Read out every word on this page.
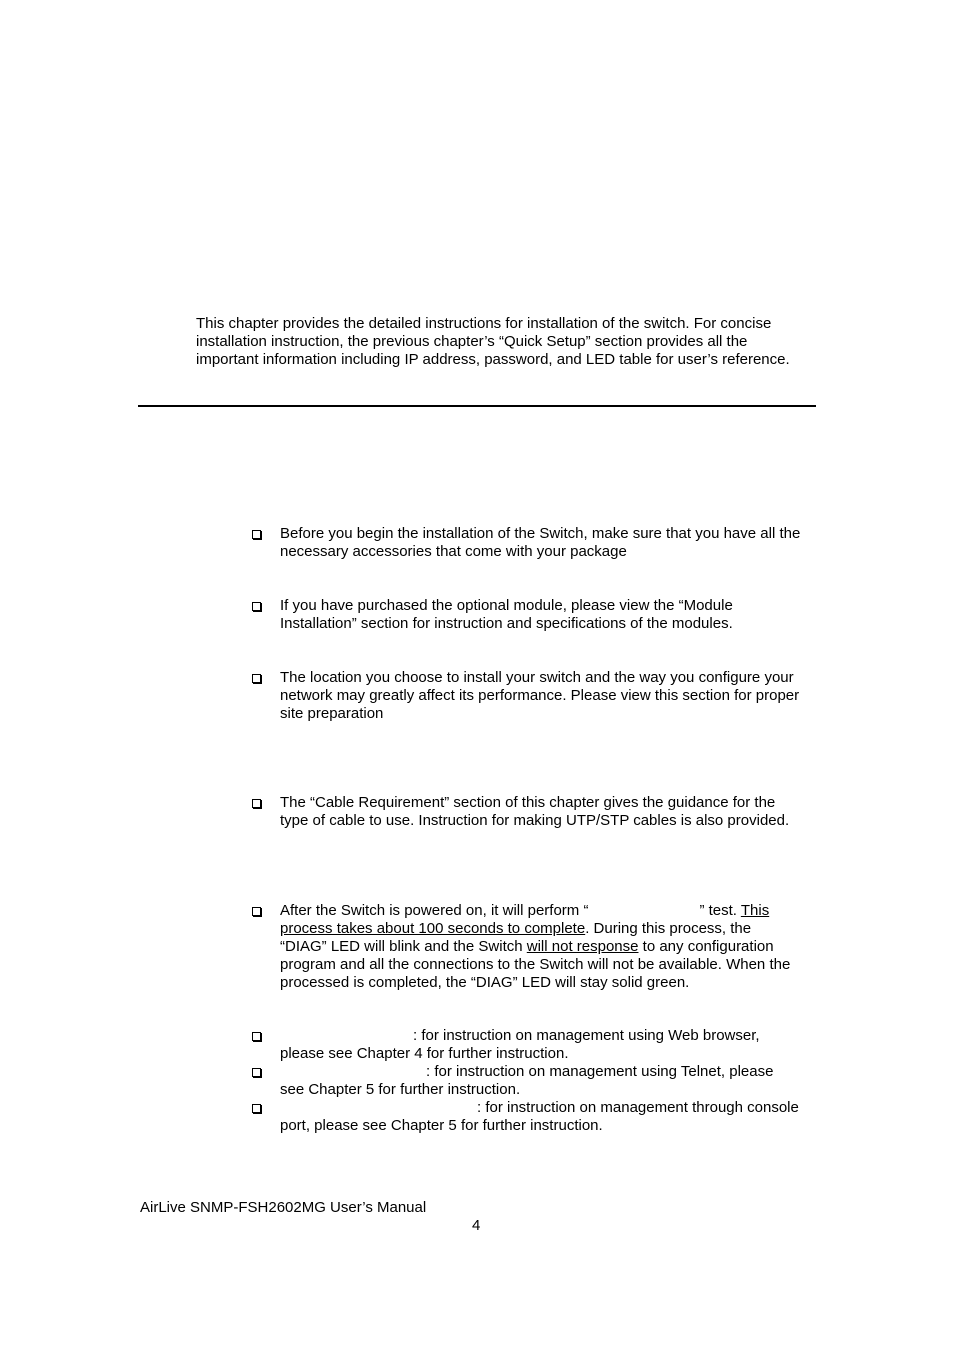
This chapter provides the detailed instructions for installation of the switch. For concise
installation instruction, the previous chapter’s “Quick Setup” section provides all the
important information including IP address, password, and LED table for user’s reference.
Before you begin the installation of the Switch, make sure that you have all the
necessary accessories that come with your package
If you have purchased the optional module, please view the “Module
Installation” section for instruction and specifications of the modules.
The location you choose to install your switch and the way you configure your
network may greatly affect its performance. Please view this section for proper
site preparation
The “Cable Requirement” section of this chapter gives the guidance for the
type of cable to use. Instruction for making UTP/STP cables is also provided.
After the Switch is powered on, it will perform “	” test. This
process takes about 100 seconds to complete. During this process, the
“DIAG” LED will blink and the Switch will not response to any configuration
program and all the connections to the Switch will not be available. When the
processed is completed, the “DIAG” LED will stay solid green.
: for instruction on management using Web browser,
please see Chapter 4 for further instruction.
: for instruction on management using Telnet, please
see Chapter 5 for further instruction.
: for instruction on management through console
port, please see Chapter 5 for further instruction.
AirLive SNMP-FSH2602MG User’s Manual
4
